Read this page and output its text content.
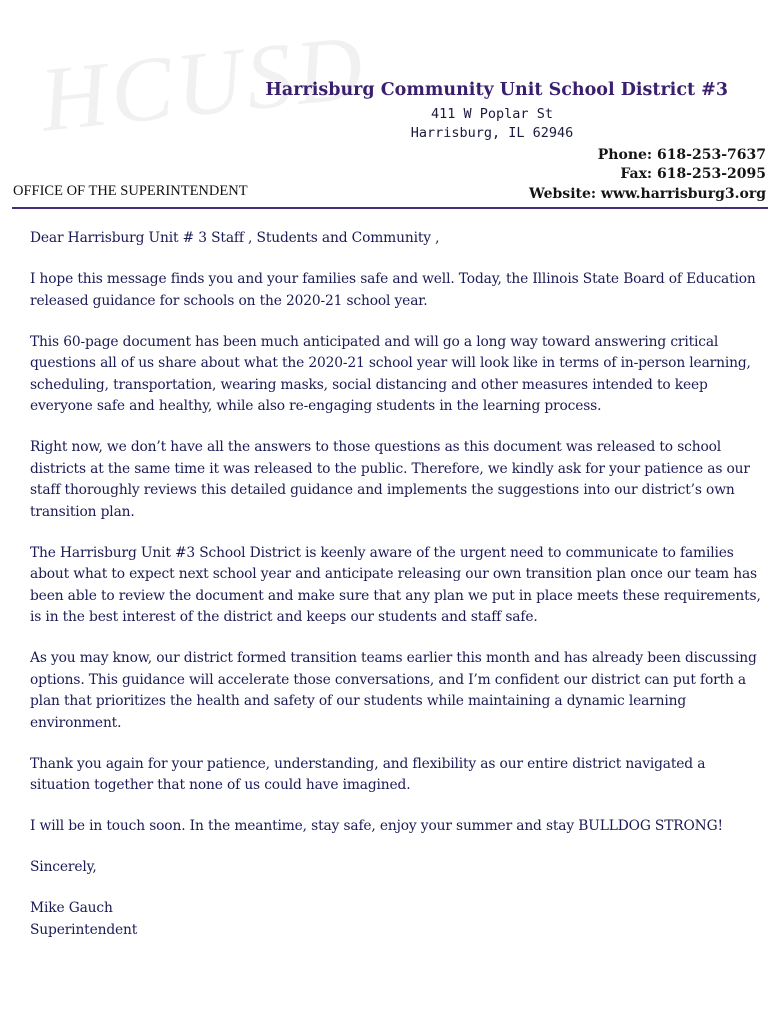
HCUSD
Harrisburg Community Unit School District #3
411 W Poplar St
Harrisburg, IL 62946
Phone: 618-253-7637
Fax: 618-253-2095
Website: www.harrisburg3.org
OFFICE OF THE SUPERINTENDENT

Dear Harrisburg Unit # 3 Staff , Students and Community ,

I hope this message finds you and your families safe and well. Today, the Illinois State Board of Education released guidance for schools on the 2020-21 school year.

This 60-page document has been much anticipated and will go a long way toward answering critical questions all of us share about what the 2020-21 school year will look like in terms of in-person learning, scheduling, transportation, wearing masks, social distancing and other measures intended to keep everyone safe and healthy, while also re-engaging students in the learning process.

Right now, we don’t have all the answers to those questions as this document was released to school districts at the same time it was released to the public. Therefore, we kindly ask for your patience as our staff thoroughly reviews this detailed guidance and implements the suggestions into our district’s own transition plan.

The Harrisburg Unit #3 School District is keenly aware of the urgent need to communicate to families about what to expect next school year and anticipate releasing our own transition plan once our team has been able to review the document and make sure that any plan we put in place meets these requirements, is in the best interest of the district and keeps our students and staff safe.

As you may know, our district formed transition teams earlier this month and has already been discussing options. This guidance will accelerate those conversations, and I’m confident our district can put forth a plan that prioritizes the health and safety of our students while maintaining a dynamic learning environment.

Thank you again for your patience, understanding, and flexibility as our entire district navigated a situation together that none of us could have imagined.

I will be in touch soon. In the meantime, stay safe, enjoy your summer and stay BULLDOG STRONG!

Sincerely,

Mike Gauch

Superintendent
